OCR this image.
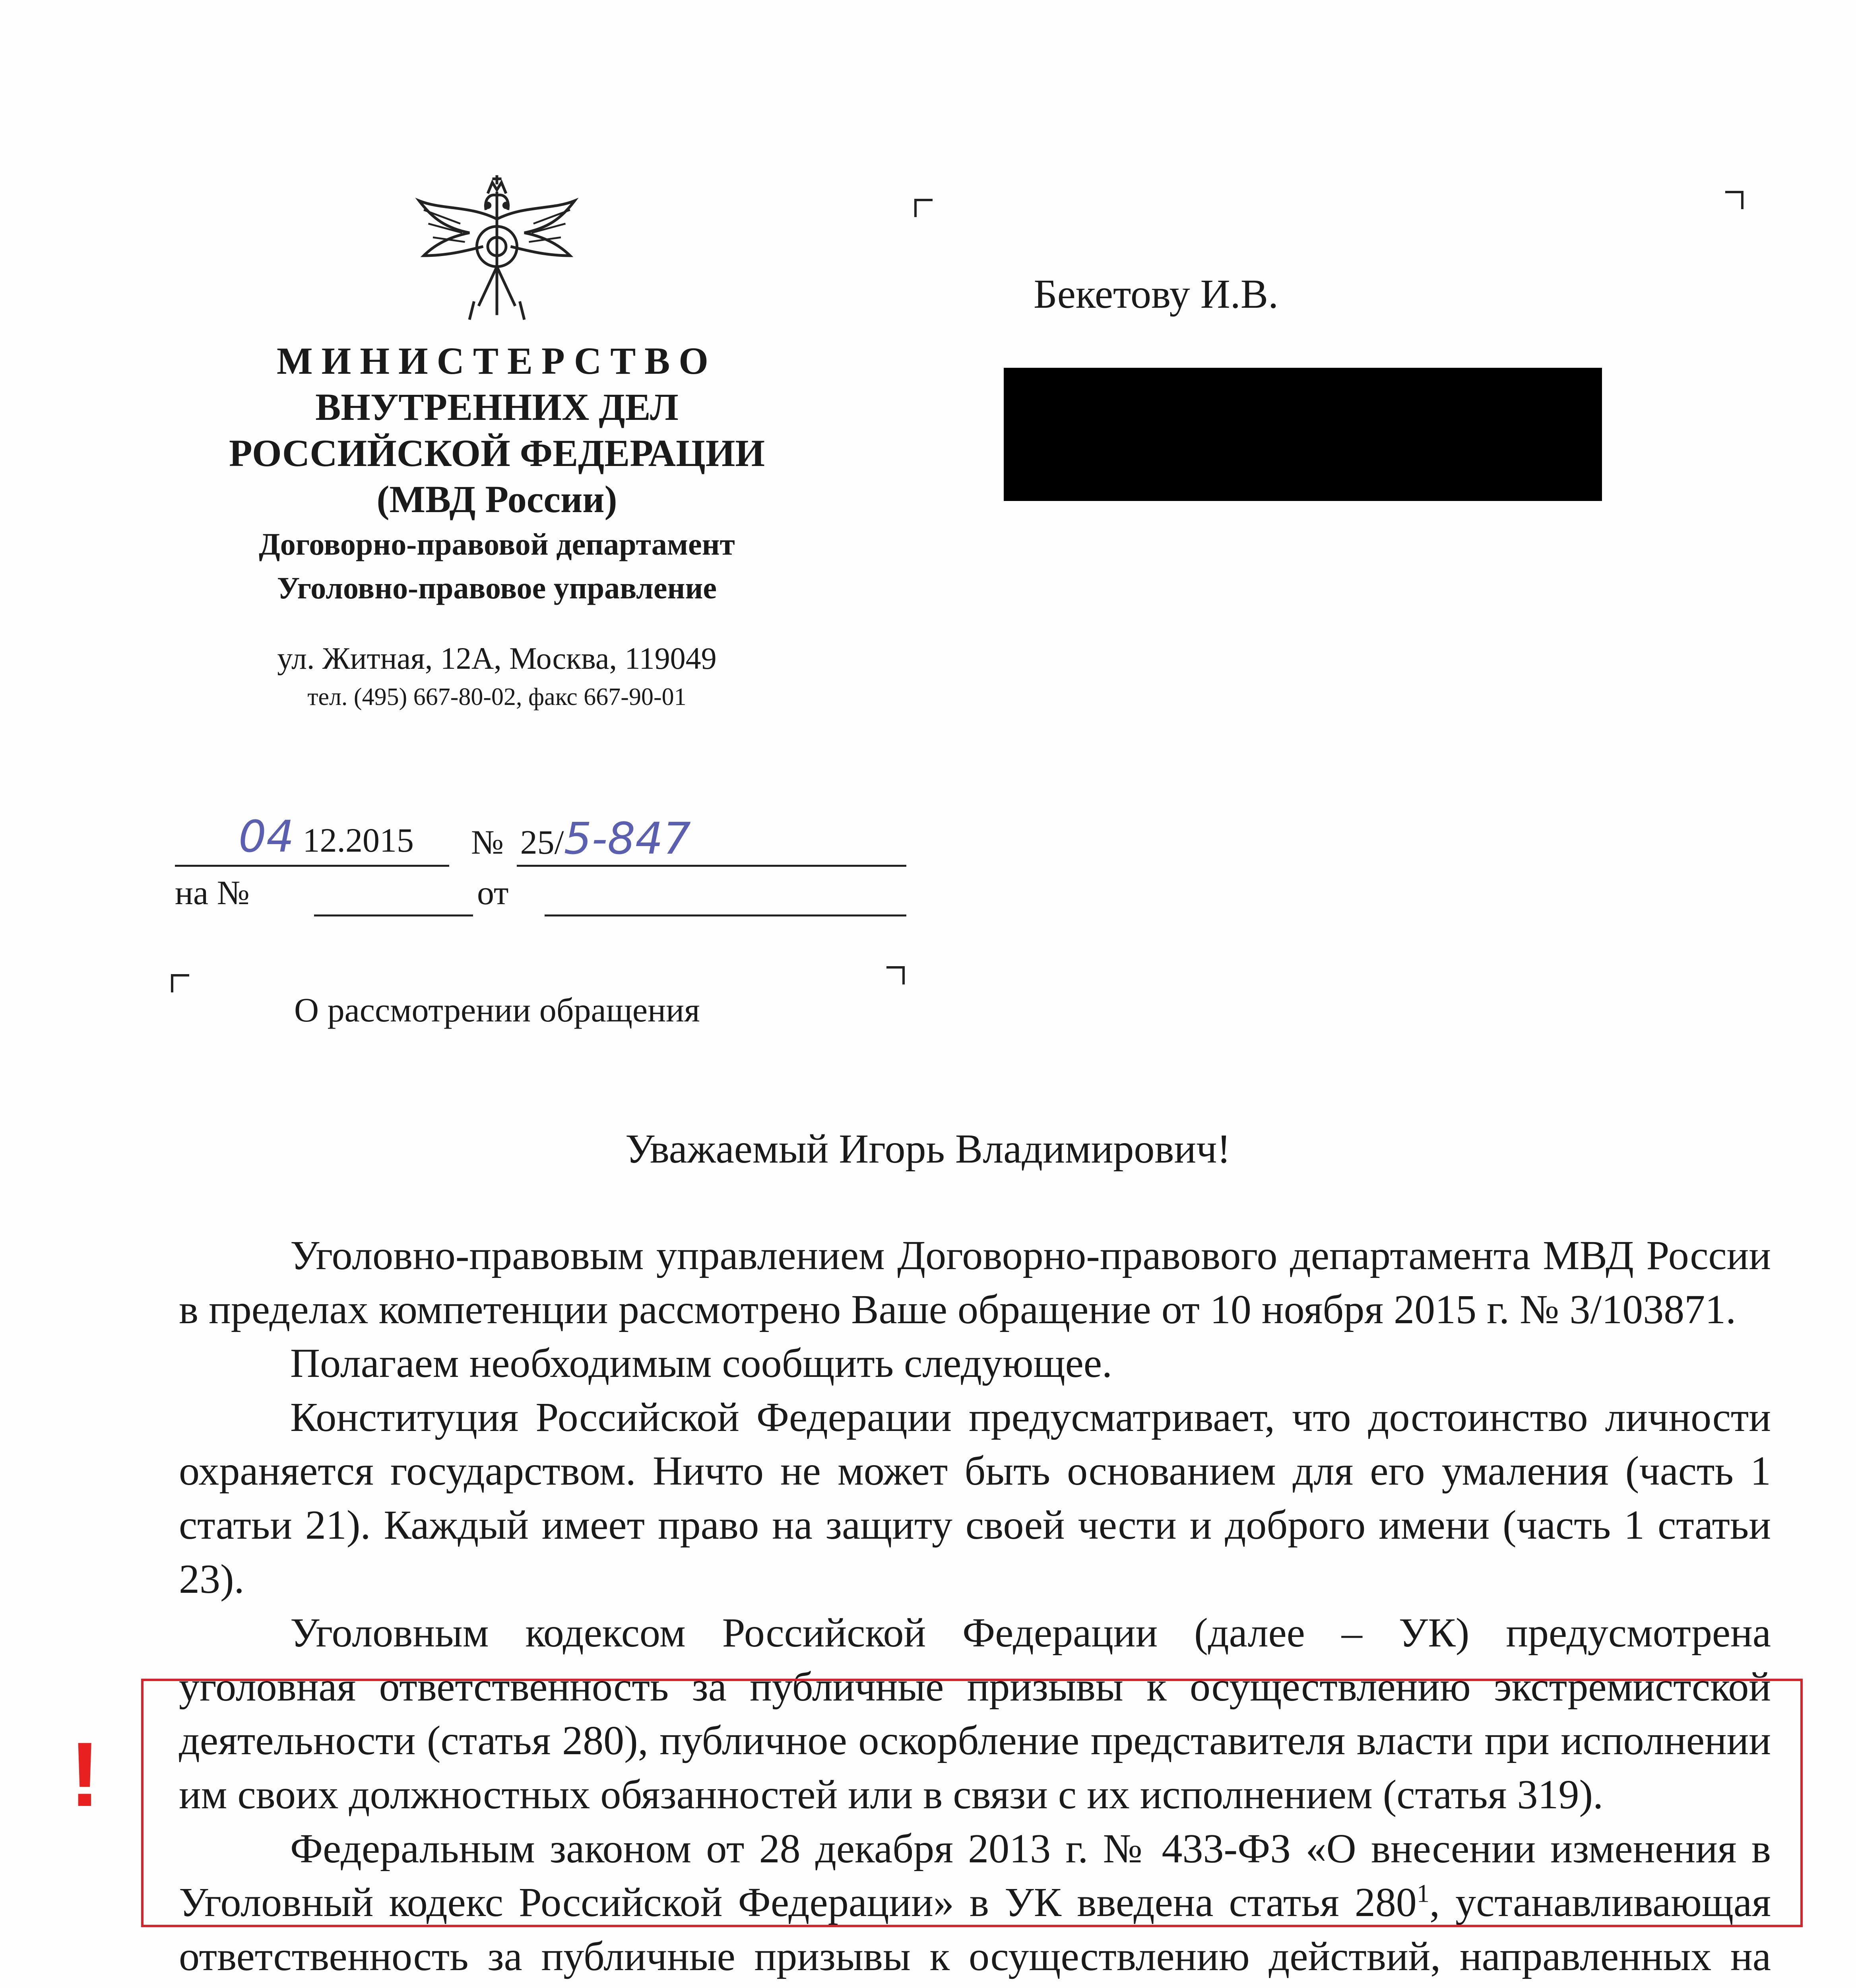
МИНИСТЕРСТВО
ВНУТРЕННИХ ДЕЛ
РОССИЙСКОЙ ФЕДЕРАЦИИ
(МВД России)
Договорно-правовой департамент
Уголовно-правовое управление
ул. Житная, 12А, Москва, 119049
тел. (495) 667-80-02, факс 667-90-01
Бекетову И.В.
04 12.2015 № 25/5-847
на №	от
О рассмотрении обращения
Уважаемый Игорь Владимирович!

Уголовно-правовым управлением Договорно-правового департамента МВД России в пределах компетенции рассмотрено Ваше обращение от 10 ноября 2015 г. № 3/103871.

Полагаем необходимым сообщить следующее.

Конституция Российской Федерации предусматривает, что достоинство личности охраняется государством. Ничто не может быть основанием для его умаления (часть 1 статьи 21). Каждый имеет право на защиту своей чести и доброго имени (часть 1 статьи 23).

Уголовным кодексом Российской Федерации (далее – УК) предусмотрена уголовная ответственность за публичные призывы к осуществлению экстремистской деятельности (статья 280), публичное оскорбление представителя власти при исполнении им своих должностных обязанностей или в связи с их исполнением (статья 319).

Федеральным законом от 28 декабря 2013 г. № 433-ФЗ «О внесении изменения в Уголовный кодекс Российской Федерации» в УК введена статья $280^1$, устанавливающая ответственность за публичные призывы к осуществлению действий, направленных на

!
